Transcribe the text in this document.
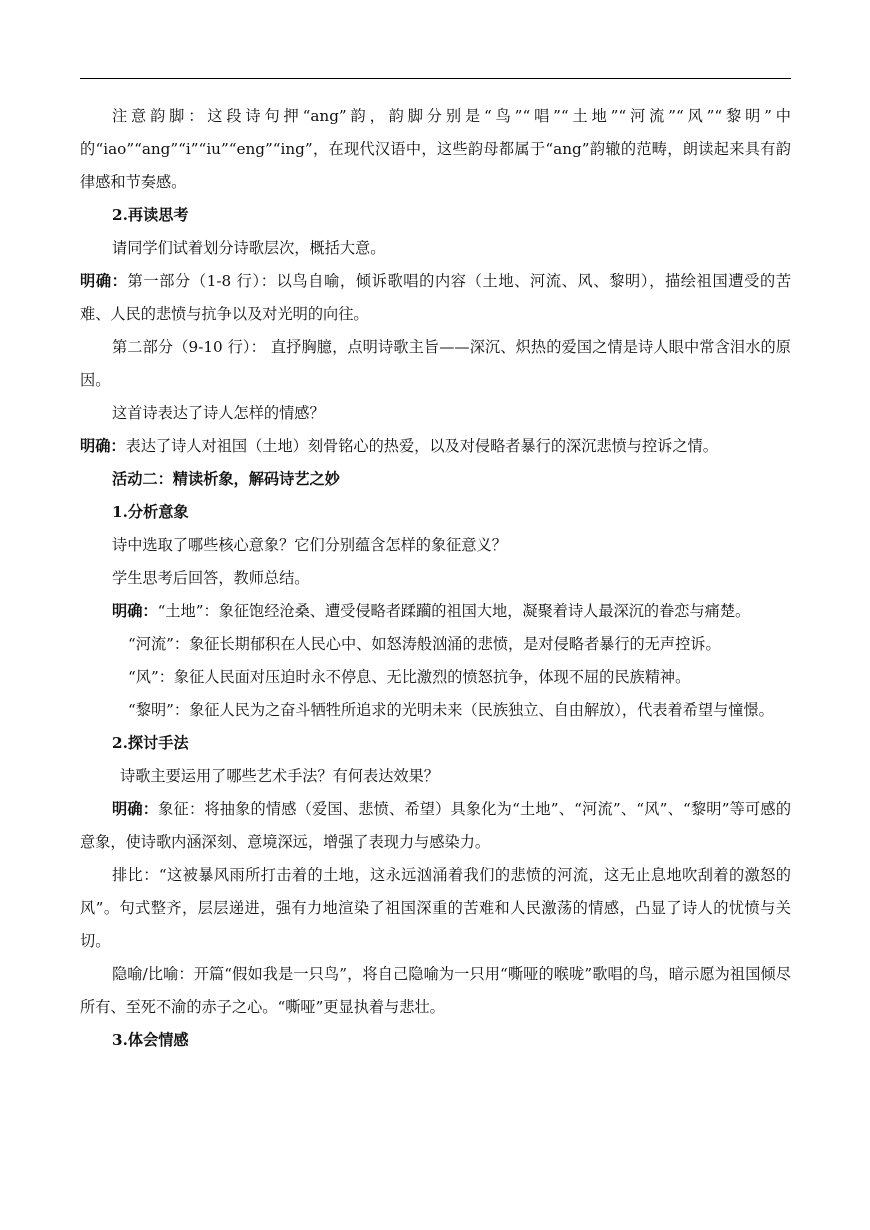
注意韵脚：这段诗句押“ang”韵，韵脚分别是“鸟”“唱”“土地”“河流”“风”“黎明”中的“iao”“ang”“i”“iu”“eng”“ing”，在现代汉语中，这些韵母都属于“ang”韵辙的范畴，朗读起来具有韵律感和节奏感。

2.再读思考

请同学们试着划分诗歌层次，概括大意。

明确：第一部分（1-8 行）：以鸟自喻，倾诉歌唱的内容（土地、河流、风、黎明），描绘祖国遭受的苦难、人民的悲愤与抗争以及对光明的向往。

第二部分（9-10 行）： 直抒胸臆，点明诗歌主旨——深沉、炽热的爱国之情是诗人眼中常含泪水的原因。

这首诗表达了诗人怎样的情感？

明确：表达了诗人对祖国（土地）刻骨铭心的热爱，以及对侵略者暴行的深沉悲愤与控诉之情。

活动二：精读析象，解码诗艺之妙

1.分析意象

诗中选取了哪些核心意象？它们分别蕴含怎样的象征意义？

学生思考后回答，教师总结。

明确：“土地”：象征饱经沧桑、遭受侵略者蹂躏的祖国大地，凝聚着诗人最深沉的眷恋与痛楚。

“河流”：象征长期郁积在人民心中、如怒涛般汹涌的悲愤，是对侵略者暴行的无声控诉。

“风”：象征人民面对压迫时永不停息、无比激烈的愤怒抗争，体现不屈的民族精神。

“黎明”：象征人民为之奋斗牺牲所追求的光明未来（民族独立、自由解放），代表着希望与憧憬。

2.探讨手法

诗歌主要运用了哪些艺术手法？有何表达效果？

明确：象征：将抽象的情感（爱国、悲愤、希望）具象化为“土地”、“河流”、“风”、“黎明”等可感的意象，使诗歌内涵深刻、意境深远，增强了表现力与感染力。

排比：“这被暴风雨所打击着的土地，这永远汹涌着我们的悲愤的河流，这无止息地吹刮着的激怒的风”。句式整齐，层层递进，强有力地渲染了祖国深重的苦难和人民激荡的情感，凸显了诗人的忧愤与关切。

隐喻/比喻：开篇“假如我是一只鸟”，将自己隐喻为一只用“嘶哑的喉咙”歌唱的鸟，暗示愿为祖国倾尽所有、至死不渝的赤子之心。“嘶哑”更显执着与悲壮。

3.体会情感
